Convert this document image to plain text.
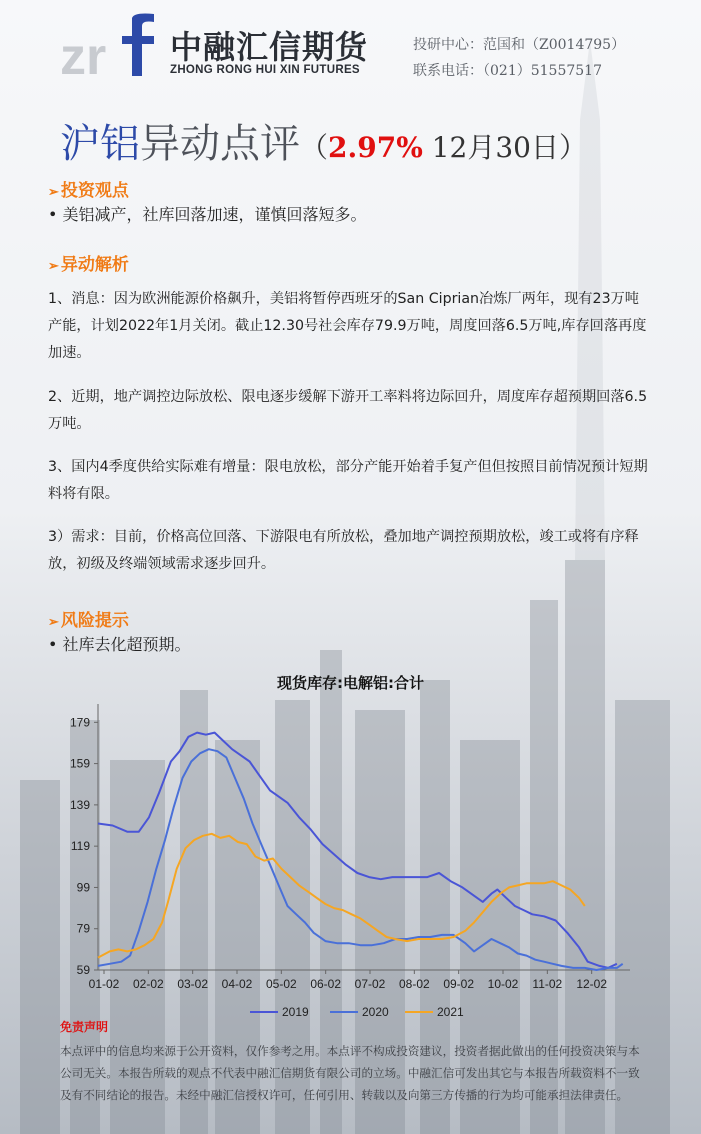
zr 中融汇信期货
ZHONG RONG HUI XIN FUTURES
投研中心：范国和（Z0014795）
联系电话：（021）51557517
沪铝异动点评（2.97% 12月30日）
➢ 投资观点
• 美铝减产，社库回落加速，谨慎回落短多。
➢ 异动解析
1、消息：因为欧洲能源价格飙升，美铝将暂停西班牙的San Ciprian冶炼厂两年，现有23万吨产能，计划2022年1月关闭。截止12.30号社会库存79.9万吨，周度回落6.5万吨,库存回落再度加速。
2、近期，地产调控边际放松、限电逐步缓解下游开工率料将边际回升，周度库存超预期回落6.5万吨。
3、国内4季度供给实际难有增量：限电放松，部分产能开始着手复产但但按照目前情况预计短期料将有限。
3）需求：目前，价格高位回落、下游限电有所放松，叠加地产调控预期放松，竣工或将有序释放，初级及终端领域需求逐步回升。
➢ 风险提示
• 社库去化超预期。
现货库存:电解铝:合计
59
79
99
119
139
159
179
01-02 02-02 03-02 04-02 05-02 06-02 07-02 08-02 09-02 10-02 11-02 12-02
2019	2020	2021
免责声明
本点评中的信息均来源于公开资料，仅作参考之用。本点评不构成投资建议，投资者据此做出的任何投资决策与本公司无关。本报告所载的观点不代表中融汇信期货有限公司的立场。中融汇信可发出其它与本报告所载资料不一致及有不同结论的报告。未经中融汇信授权许可，任何引用、转载以及向第三方传播的行为均可能承担法律责任。
